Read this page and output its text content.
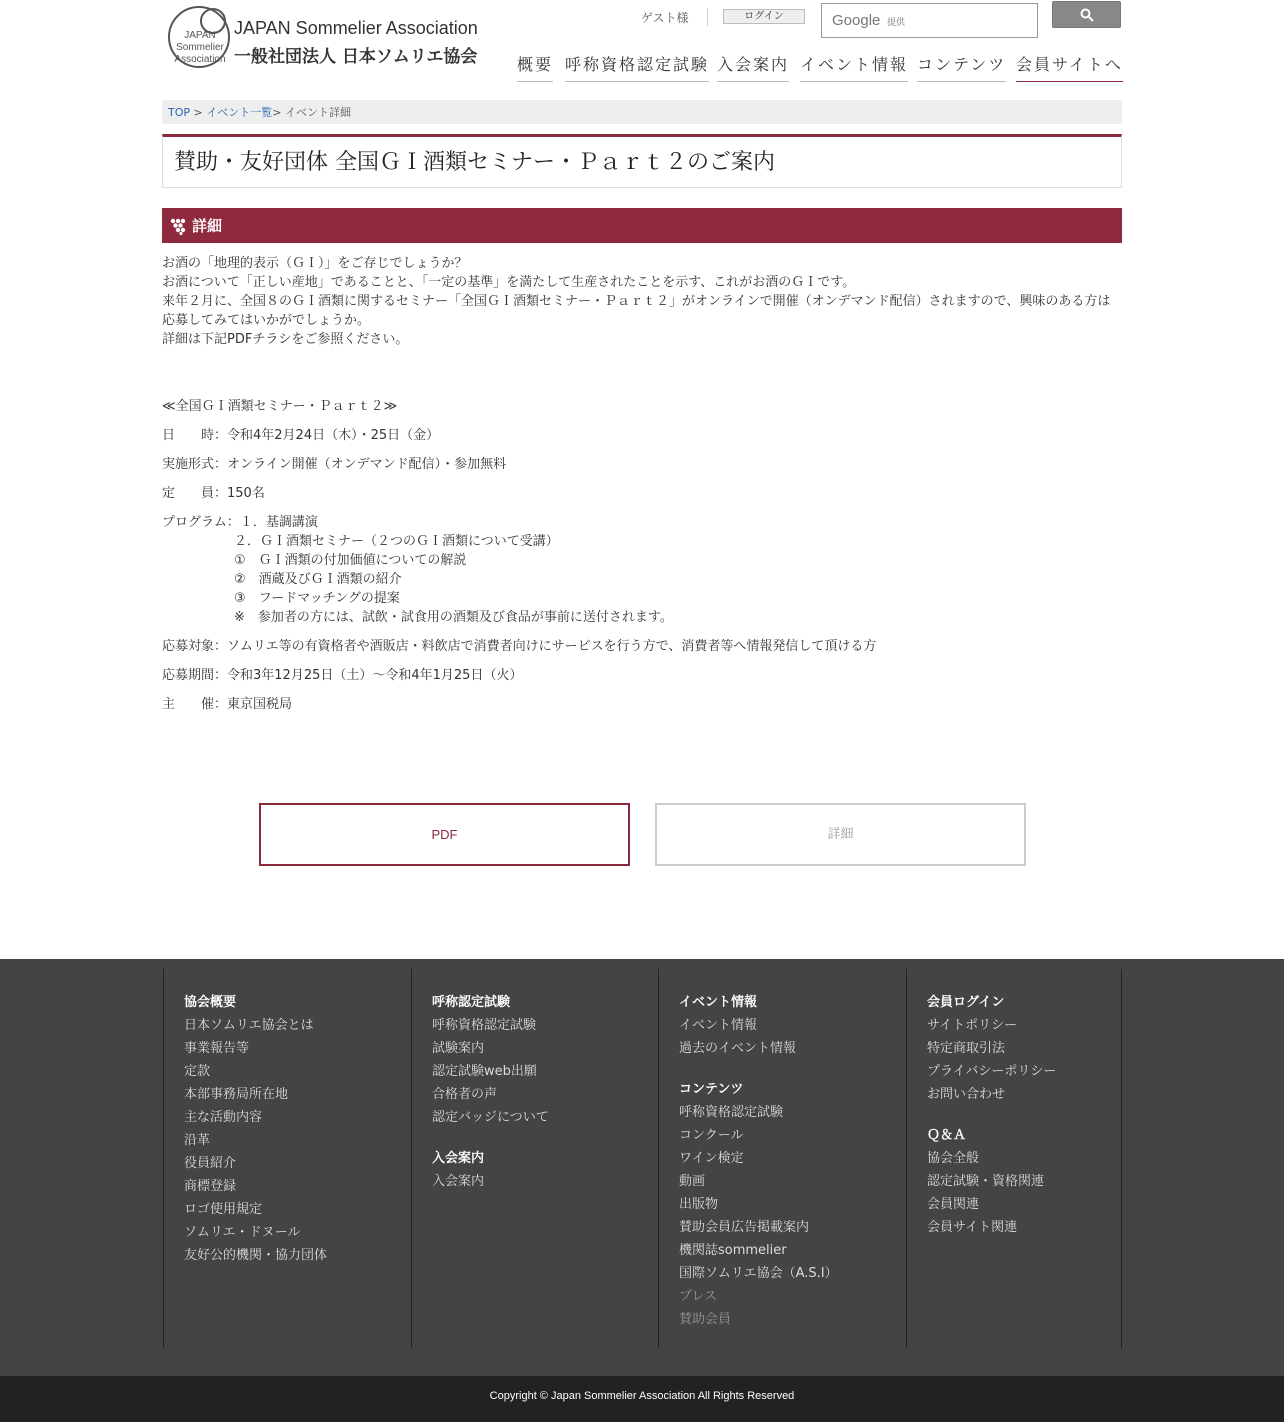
JAPAN
Sommelier
Association
JAPAN Sommelier Association
一般社団法人 日本ソムリエ協会
ゲスト様	ログイン	Google 提供
概要 呼称資格認定試験 入会案内 イベント情報 コンテンツ 会員サイトへ
TOP > イベント一覧> イベント詳細
賛助・友好団体 全国ＧＩ酒類セミナー・Ｐａｒｔ２のご案内
詳細

お酒の「地理的表示（ＧＩ）」をご存じでしょうか？

お酒について「正しい産地」であることと、「一定の基準」を満たして生産されたことを示す、これがお酒のＧＩです。

来年２月に、全国８のＧＩ酒類に関するセミナー「全国ＧＩ酒類セミナー・Ｐａｒｔ２」がオンラインで開催（オンデマンド配信）されますので、興味のある方は

応募してみてはいかがでしょうか。

詳細は下記PDFチラシをご参照ください。

≪全国ＧＩ酒類セミナー・Ｐａｒｔ２≫

日　　時：令和4年2月24日（木）・25日（金）

実施形式：オンライン開催（オンデマンド配信）・参加無料

定　　員：150名

プログラム：１．基調講演

２．ＧＩ酒類セミナー（２つのＧＩ酒類について受講）

①　ＧＩ酒類の付加価値についての解説

②　酒蔵及びＧＩ酒類の紹介

③　フードマッチングの提案

※　参加者の方には、試飲・試食用の酒類及び食品が事前に送付されます。

応募対象：ソムリエ等の有資格者や酒販店・料飲店で消費者向けにサービスを行う方で、消費者等へ情報発信して頂ける方

応募期間：令和3年12月25日（土）～令和4年1月25日（火）

主　　催：東京国税局

PDF	詳細
協会概要
日本ソムリエ協会とは
事業報告等
定款
本部事務局所在地
主な活動内容
沿革
役員紹介
商標登録
ロゴ使用規定
ソムリエ・ドヌール
友好公的機関・協力団体
呼称認定試験
呼称資格認定試験
試験案内
認定試験web出願
合格者の声
認定バッジについて
入会案内
入会案内
イベント情報
イベント情報
過去のイベント情報
コンテンツ
呼称資格認定試験
コンクール
ワイン検定
動画
出版物
賛助会員広告掲載案内
機関誌sommelier
国際ソムリエ協会（A.S.I）
プレス
賛助会員
会員ログイン
サイトポリシー
特定商取引法
プライバシーポリシー
お問い合わせ
Ｑ＆Ａ
協会全般
認定試験・資格関連
会員関連
会員サイト関連
Copyright © Japan Sommelier Association All Rights Reserved
